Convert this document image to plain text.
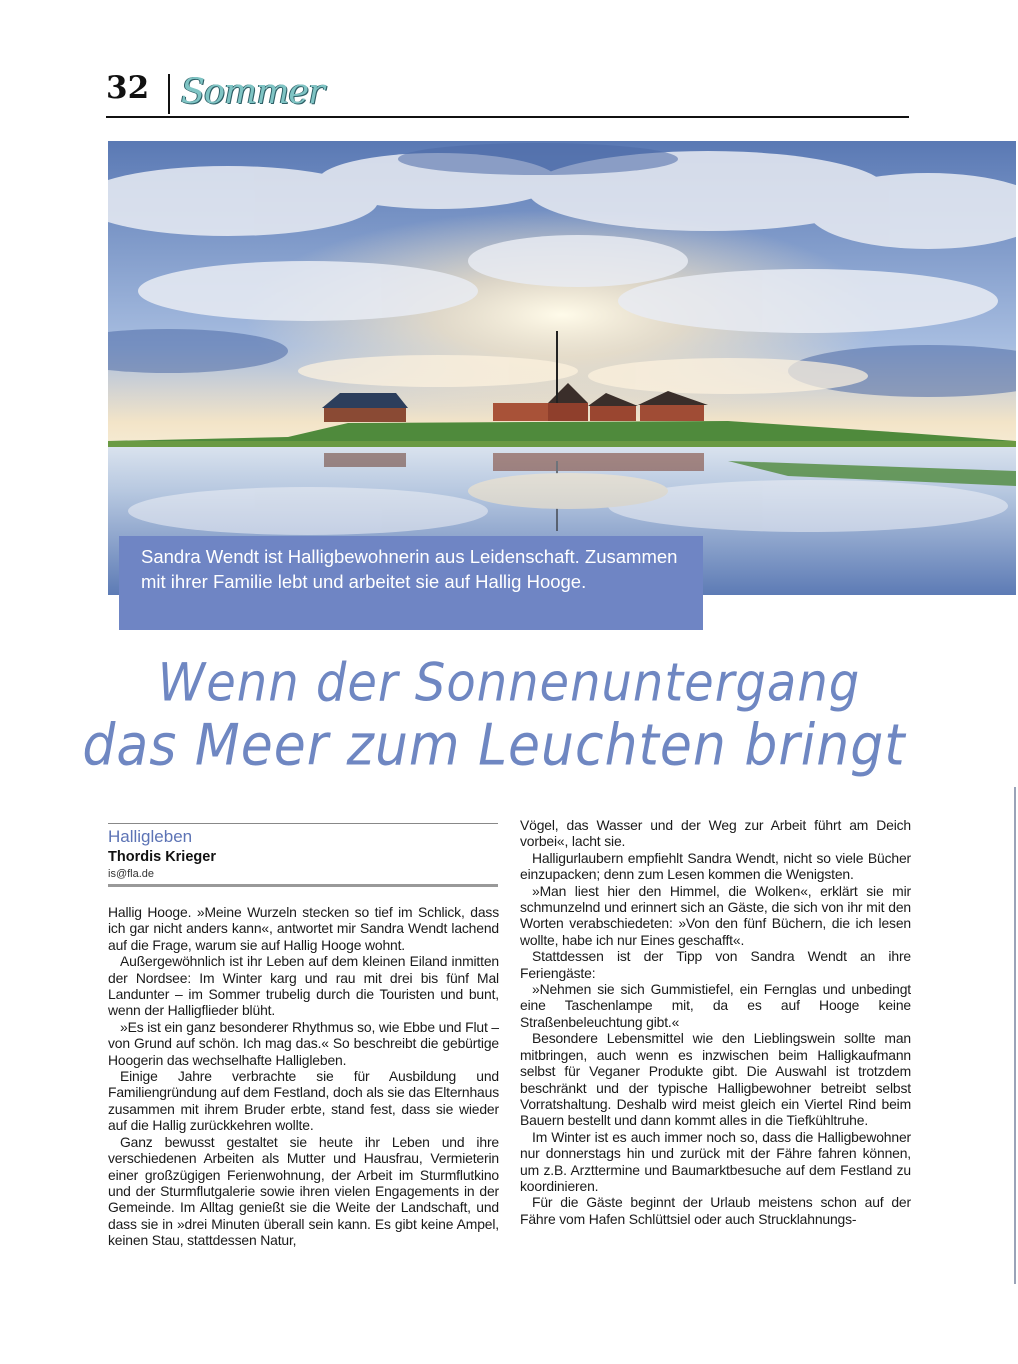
32 Sommer

Sandra Wendt ist Halligbewohnerin aus Leidenschaft. Zusammen mit ihrer Familie lebt und arbeitet sie auf Hallig Hooge.

Wenn der Sonnenuntergang
das Meer zum Leuchten bringt
Halligleben
Thordis Krieger
is@fla.de

Hallig Hooge. »Meine Wurzeln stecken so tief im Schlick, dass ich gar nicht anders kann«, antwortet mir Sandra Wendt lachend auf die Frage, warum sie auf Hallig Hooge wohnt.

Außergewöhnlich ist ihr Leben auf dem kleinen Eiland inmitten der Nordsee: Im Winter karg und rau mit drei bis fünf Mal Landunter – im Sommer trubelig durch die Touristen und bunt, wenn der Halligflieder blüht.

»Es ist ein ganz besonderer Rhythmus so, wie Ebbe und Flut – von Grund auf schön. Ich mag das.« So beschreibt die gebürtige Hoogerin das wechselhafte Halligleben.

Einige Jahre verbrachte sie für Ausbildung und Familiengründung auf dem Festland, doch als sie das Elternhaus zusammen mit ihrem Bruder erbte, stand fest, dass sie wieder auf die Hallig zurückkehren wollte.

Ganz bewusst gestaltet sie heute ihr Leben und ihre verschiedenen Arbeiten als Mutter und Hausfrau, Vermieterin einer großzügigen Ferienwohnung, der Arbeit im Sturmflutkino und der Sturmflutgalerie sowie ihren vielen Engagements in der Gemeinde. Im Alltag genießt sie die Weite der Landschaft, und dass sie in »drei Minuten überall sein kann. Es gibt keine Ampel, keinen Stau, stattdessen Natur,

Vögel, das Wasser und der Weg zur Arbeit führt am Deich vorbei«, lacht sie.

Halligurlaubern empfiehlt Sandra Wendt, nicht so viele Bücher einzupacken; denn zum Lesen kommen die Wenigsten.

»Man liest hier den Himmel, die Wolken«, erklärt sie mir schmunzelnd und erinnert sich an Gäste, die sich von ihr mit den Worten verabschiedeten: »Von den fünf Büchern, die ich lesen wollte, habe ich nur Eines geschafft«.

Stattdessen ist der Tipp von Sandra Wendt an ihre Feriengäste:

»Nehmen sie sich Gummistiefel, ein Fernglas und unbedingt eine Taschenlampe mit, da es auf Hooge keine Straßenbeleuchtung gibt.«

Besondere Lebensmittel wie den Lieblingswein sollte man mitbringen, auch wenn es inzwischen beim Halligkaufmann selbst für Veganer Produkte gibt. Die Auswahl ist trotzdem beschränkt und der typische Halligbewohner betreibt selbst Vorratshaltung. Deshalb wird meist gleich ein Viertel Rind beim Bauern bestellt und dann kommt alles in die Tiefkühltruhe.

Im Winter ist es auch immer noch so, dass die Halligbewohner nur donnerstags hin und zurück mit der Fähre fahren können, um z.B. Arzttermine und Baumarktbesuche auf dem Festland zu koordinieren.

Für die Gäste beginnt der Urlaub meistens schon auf der Fähre vom Hafen Schlüttsiel oder auch Strucklahnungs-
